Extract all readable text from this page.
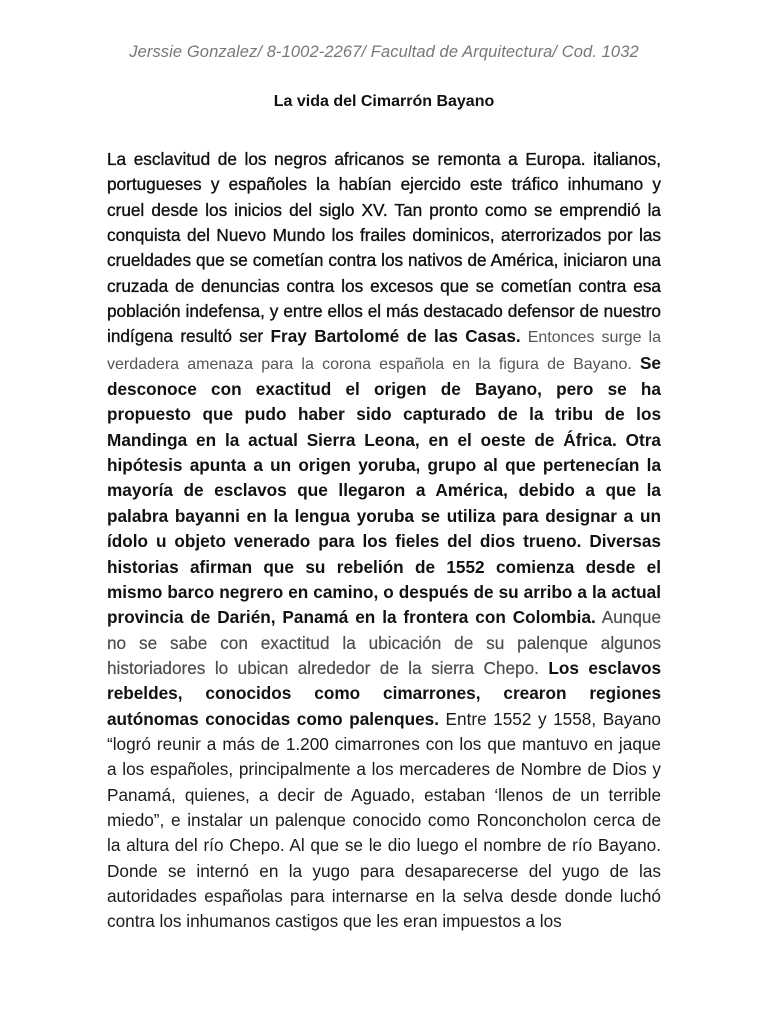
Jerssie Gonzalez/ 8-1002-2267/ Facultad de Arquitectura/ Cod. 1032
La vida del Cimarrón Bayano
La esclavitud de los negros africanos se remonta a Europa. italianos, portugueses y españoles la habían ejercido este tráfico inhumano y cruel desde los inicios del siglo XV. Tan pronto como se emprendió la conquista del Nuevo Mundo los frailes dominicos, aterrorizados por las crueldades que se cometían contra los nativos de América, iniciaron una cruzada de denuncias contra los excesos que se cometían contra esa población indefensa, y entre ellos el más destacado defensor de nuestro indígena resultó ser Fray Bartolomé de las Casas. Entonces surge la verdadera amenaza para la corona española en la figura de Bayano. Se desconoce con exactitud el origen de Bayano, pero se ha propuesto que pudo haber sido capturado de la tribu de los Mandinga en la actual Sierra Leona, en el oeste de África. Otra hipótesis apunta a un origen yoruba, grupo al que pertenecían la mayoría de esclavos que llegaron a América, debido a que la palabra bayanni en la lengua yoruba se utiliza para designar a un ídolo u objeto venerado para los fieles del dios trueno. Diversas historias afirman que su rebelión de 1552 comienza desde el mismo barco negrero en camino, o después de su arribo a la actual provincia de Darién, Panamá en la frontera con Colombia. Aunque no se sabe con exactitud la ubicación de su palenque algunos historiadores lo ubican alrededor de la sierra Chepo. Los esclavos rebeldes, conocidos como cimarrones, crearon regiones autónomas conocidas como palenques. Entre 1552 y 1558, Bayano “logró reunir a más de 1.200 cimarrones con los que mantuvo en jaque a los españoles, principalmente a los mercaderes de Nombre de Dios y Panamá, quienes, a decir de Aguado, estaban ‘llenos de un terrible miedo”, e instalar un palenque conocido como Ronconcholon cerca de la altura del río Chepo. Al que se le dio luego el nombre de río Bayano. Donde se internó en la yugo para desaparecerse del yugo de las autoridades españolas para internarse en la selva desde donde luchó contra los inhumanos castigos que les eran impuestos a los
